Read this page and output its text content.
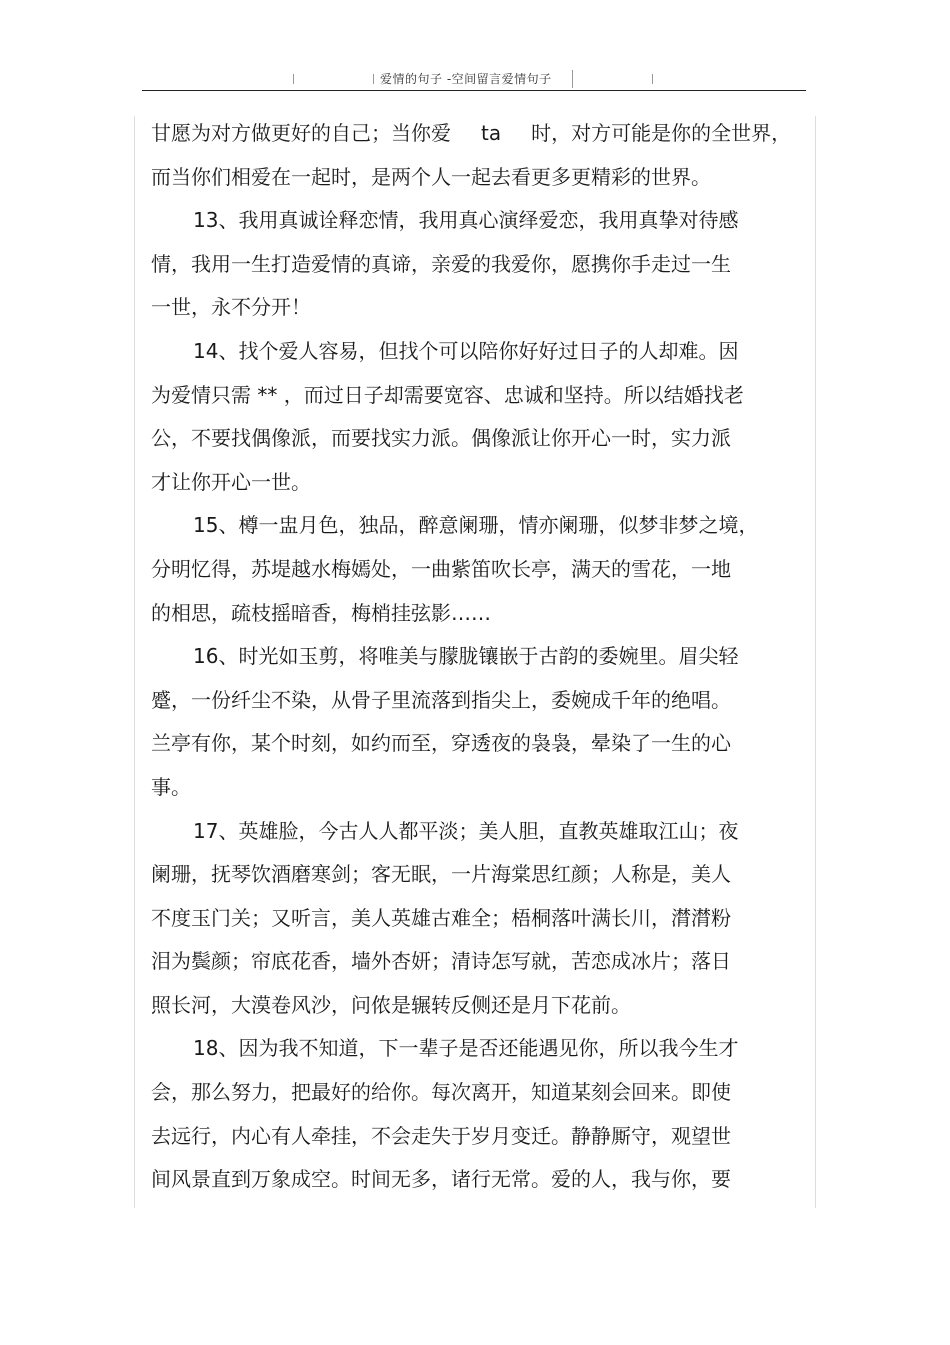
爱情的句子 -空间留言爱情句子

甘愿为对方做更好的自己；当你爱 ta 时，对方可能是你的全世界，

而当你们相爱在一起时，是两个人一起去看更多更精彩的世界。

13、我用真诚诠释恋情，我用真心演绎爱恋，我用真挚对待感

情，我用一生打造爱情的真谛，亲爱的我爱你，愿携你手走过一生

一世，永不分开！

14、找个爱人容易，但找个可以陪你好好过日子的人却难。因

为爱情只需 ** ，而过日子却需要宽容、忠诚和坚持。所以结婚找老

公，不要找偶像派，而要找实力派。偶像派让你开心一时，实力派

才让你开心一世。

15、樽一盅月色，独品，醉意阑珊，情亦阑珊，似梦非梦之境，

分明忆得，苏堤越水梅嫣处，一曲紫笛吹长亭，满天的雪花，一地

的相思，疏枝摇暗香，梅梢挂弦影……

16、时光如玉剪，将唯美与朦胧镶嵌于古韵的委婉里。眉尖轻

蹙，一份纤尘不染，从骨子里流落到指尖上，委婉成千年的绝唱。

兰亭有你，某个时刻，如约而至，穿透夜的袅袅，晕染了一生的心

事。

17、英雄脸，今古人人都平淡；美人胆，直教英雄取江山；夜

阑珊，抚琴饮酒磨寒剑；客无眠，一片海棠思红颜；人称是，美人

不度玉门关；又听言，美人英雄古难全；梧桐落叶满长川，潸潸粉

泪为鬓颜；帘底花香，墙外杏妍；清诗怎写就，苦恋成冰片；落日

照长河，大漠卷风沙，问侬是辗转反侧还是月下花前。

18、因为我不知道，下一辈子是否还能遇见你，所以我今生才

会，那么努力，把最好的给你。每次离开，知道某刻会回来。即使

去远行，内心有人牵挂，不会走失于岁月变迁。静静厮守，观望世

间风景直到万象成空。时间无多，诸行无常。爱的人，我与你，要
